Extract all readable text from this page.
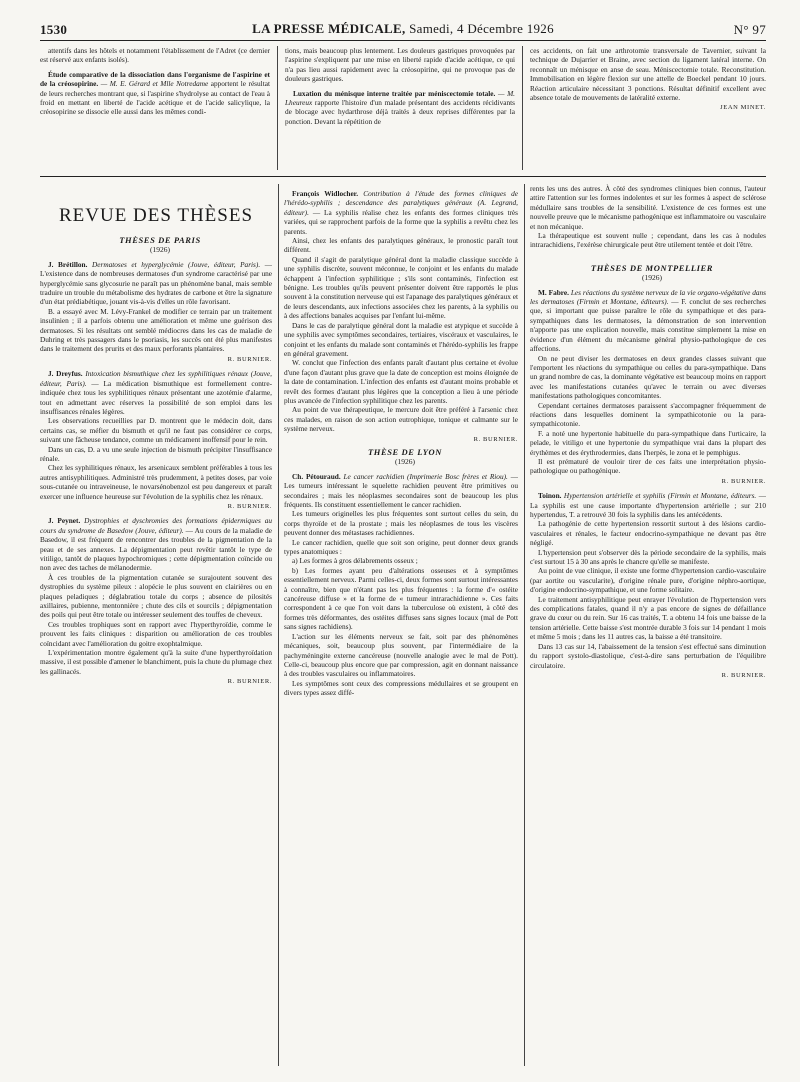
1530	LA PRESSE MÉDICALE, Samedi, 4 Décembre 1926	N° 97

attentifs dans les hôtels et notamment l'établissement de l'Adret (ce dernier est réservé aux enfants isolés).

Étude comparative de la dissociation dans l'organisme de l'aspirine et de la créosopirine. — M. E. Gérard et Mlle Notredame apportent le résultat de leurs recherches montrant que, si l'aspirine s'hydrolyse au contact de l'eau à froid en mettant en liberté de l'acide acétique et de l'acide salicylique, la créosopirine se dissocie elle aussi dans les mêmes condi-

tions, mais beaucoup plus lentement. Les douleurs gastriques provoquées par l'aspirine s'expliquent par une mise en liberté rapide d'acide acétique, ce qui n'a pas lieu aussi rapidement avec la créosopirine, qui ne provoque pas de douleurs gastriques.

Luxation du ménisque interne traitée par méniscectomie totale. — M. Lheureux rapporte l'histoire d'un malade présentant des accidents récidivants de blocage avec hydarthrose déjà traités à deux reprises différentes par la ponction. Devant la répétition de

ces accidents, on fait une arthrotomie transversale de Tavernier, suivant la technique de Dujarrier et Braine, avec section du ligament latéral interne. On reconnaît un ménisque en anse de seau. Méniscectomie totale. Reconstitution. Immobilisation en légère flexion sur une attelle de Boeckel pendant 10 jours. Réaction articulaire nécessitant 3 ponctions. Résultat définitif excellent avec absence totale de mouvements de latéralité externe.

JEAN MINET.

REVUE DES THÈSES

THÈSES DE PARIS

(1926)

J. Brétillon. Dermatoses et hyperglycémie (Jouve, éditeur, Paris). — L'existence dans de nombreuses dermatoses d'un syndrome caractérisé par une hyperglycémie sans glycosurie ne paraît pas un phénomène banal, mais semble traduire un trouble du métabolisme des hydrates de carbone et être la signature d'un état prédiabétique, jouant vis-à-vis d'elles un rôle favorisant.

B. a essayé avec M. Lévy-Frankel de modifier ce terrain par un traitement insulinien ; il a parfois obtenu une amélioration et même une guérison des dermatoses. Si les résultats ont semblé médiocres dans les cas de maladie de Duhring et très passagers dans le psoriasis, les succès ont été plus manifestes dans le traitement des prurits et des maux perforants plantaires.

R. BURNIER.

J. Dreyfus. Intoxication bismuthique chez les syphilitiques rénaux (Jouve, éditeur, Paris). — La médication bismuthique est formellement contre-indiquée chez tous les syphilitiques rénaux présentant une azotémie d'alarme, tout en admettant avec réserves la possibilité de son emploi dans les insuffisances rénales légères.

Les observations recueillies par D. montrent que le médecin doit, dans certains cas, se méfier du bismuth et qu'il ne faut pas considérer ce corps, suivant une fâcheuse tendance, comme un médicament inoffensif pour le rein.

Dans un cas, D. a vu une seule injection de bismuth précipiter l'insuffisance rénale.

Chez les syphilitiques rénaux, les arsenicaux semblent préférables à tous les autres antisyphilitiques. Administré très prudemment, à petites doses, par voie sous-cutanée ou intraveineuse, le novarsénobenzol est peu dangereux et paraît exercer une influence heureuse sur l'évolution de la syphilis chez les rénaux.

R. BURNIER.

J. Peynet. Dystrophies et dyschromies des formations épidermiques au cours du syndrome de Basedow (Jouve, éditeur). — Au cours de la maladie de Basedow, il est fréquent de rencontrer des troubles de la pigmentation de la peau et de ses annexes. La dépigmentation peut revêtir tantôt le type de vitiligo, tantôt de plaques hypochromiques ; cette dépigmentation coïncide ou non avec des taches de mélanodermie.

À ces troubles de la pigmentation cutanée se surajoutent souvent des dystrophies du système pileux : alopécie le plus souvent en clairières ou en plaques peladiques ; déglabratiou totale du corps ; absence de pilosités axillaires, pubienne, mentonnière ; chute des cils et sourcils ; dépigmentation des poils qui peut être totale ou intéresser seulement des touffes de cheveux.

Ces troubles trophiques sont en rapport avec l'hyperthyroïdie, comme le prouvent les faits cliniques : disparition ou amélioration de ces troubles coïncidant avec l'amélioration du goitre exophtalmique.

L'expérimentation montre également qu'à la suite d'une hyperthyroïdation massive, il est possible d'amener le blanchiment, puis la chute du plumage chez les gallinacés.

R. BURNIER.

François Widlocher. Contribution à l'étude des formes cliniques de l'hérédo-syphilis ; descendance des paralytiques généraux (A. Legrand, éditeur). — La syphilis réalise chez les enfants des formes cliniques très variées, qui se rapprochent parfois de la forme que la syphilis a revêtu chez les parents.

Ainsi, chez les enfants des paralytiques généraux, le pronostic paraît tout différent.

Quand il s'agit de paralytique général dont la maladie classique succède à une syphilis discrète, souvent méconnue, le conjoint et les enfants du malade échappent à l'infection syphilitique ; s'ils sont contaminés, l'infection est bénigne. Les troubles qu'ils peuvent présenter doivent être rapportés le plus souvent à la constitution nerveuse qui est l'apanage des paralytiques généraux et de leurs descendants, aux infections associées chez les parents, à la syphilis ou à des affections banales acquises par l'enfant lui-même.

Dans le cas de paralytique général dont la maladie est atypique et succède à une syphilis avec symptômes secondaires, tertiaires, viscéraux et vasculaires, le conjoint et les enfants du malade sont contaminés et l'hérédo-syphilis les frappe en général gravement.

W. conclut que l'infection des enfants paraît d'autant plus certaine et évolue d'une façon d'autant plus grave que la date de conception est moins éloignée de la date de contamination. L'infection des enfants est d'autant moins probable et revêt des formes d'autant plus légères que la conception a lieu à une période plus avancée de l'infection syphilitique chez les parents.

Au point de vue thérapeutique, le mercure doit être préféré à l'arsenic chez ces malades, en raison de son action eutrophique, tonique et calmante sur le système nerveux.

R. BURNIER.

THÈSE DE LYON

(1926)

Ch. Pétouraud. Le cancer rachidien (Imprimerie Bosc frères et Riou). — Les tumeurs intéressant le squelette rachidien peuvent être primitives ou secondaires ; mais les néoplasmes secondaires sont de beaucoup les plus fréquents. Ils constituent essentiellement le cancer rachidien.

Les tumeurs originelles les plus fréquentes sont surtout celles du sein, du corps thyroïde et de la prostate ; mais les néoplasmes de tous les viscères peuvent donner des métastases rachidiennes.

Le cancer rachidien, quelle que soit son origine, peut donner deux grands types anatomiques :

a) Les formes à gros délabrements osseux ;

b) Les formes ayant peu d'altérations osseuses et à symptômes essentiellement nerveux. Parmi celles-ci, deux formes sont surtout intéressantes à connaître, bien que n'étant pas les plus fréquentes : la forme d'« ostéite cancéreuse diffuse » et la forme de « tumeur intrarachidienne ». Ces faits correspondent à ce que l'on voit dans la tuberculose où existent, à côté des formes très déformantes, des ostéites diffuses sans signes locaux (mal de Pott sans signes rachidiens).

L'action sur les éléments nerveux se fait, soit par des phénomènes mécaniques, soit, beaucoup plus souvent, par l'intermédiaire de la pachyméningite externe cancéreuse (nouvelle analogie avec le mal de Pott). Celle-ci, beaucoup plus encore que par compression, agit en donnant naissance à des troubles vasculaires ou inflammatoires.

Les symptômes sont ceux des compressions médullaires et se groupent en divers types assez diffé-

rents les uns des autres. À côté des syndromes cliniques bien connus, l'auteur attire l'attention sur les formes indolentes et sur les formes à aspect de sclérose médullaire sans troubles de la sensibilité. L'existence de ces formes est une nouvelle preuve que le mécanisme pathogénique est inflammatoire ou vasculaire et non mécanique.

La thérapeutique est souvent nulle ; cependant, dans les cas à nodules intrarachidiens, l'exérèse chirurgicale peut être utilement tentée et doit l'être.

THÈSES DE MONTPELLIER

(1926)

M. Fabre. Les réactions du système nerveux de la vie organo-végétative dans les dermatoses (Firmin et Montane, éditeurs). — F. conclut de ses recherches que, si important que puisse paraître le rôle du sympathique et des para-sympathiques dans les dermatoses, la démonstration de son intervention n'apporte pas une explication nouvelle, mais constitue simplement la mise en évidence d'un élément du mécanisme général physio-pathologique de ces affections.

On ne peut diviser les dermatoses en deux grandes classes suivant que l'emportent les réactions du sympathique ou celles du para-sympathique. Dans un grand nombre de cas, la dominante végétative est beaucoup moins en rapport avec les manifestations cutanées qu'avec le terrain ou avec diverses manifestations pathologiques concomitantes.

Cependant certaines dermatoses paraissent s'accompagner fréquemment de réactions dans lesquelles dominent la sympathicotonie ou la para-sympathicotonie.

F. a noté une hypertonie habituelle du para-sympathique dans l'urticaire, la pelade, le vitiligo et une hypertonie du sympathique vrai dans la plupart des érythèmes et des érythrodermies, dans l'herpès, le zona et le pemphigus.

Il est prématuré de vouloir tirer de ces faits une interprétation physio-pathologique ou pathogénique.

R. BURNIER.

Toinon. Hypertension artérielle et syphilis (Firmin et Montane, éditeurs. — La syphilis est une cause importante d'hypertension artérielle ; sur 210 hypertendus, T. a retrouvé 30 fois la syphilis dans les antécédents.

La pathogénie de cette hypertension ressortit surtout à des lésions cardio-vasculaires et rénales, le facteur endocrino-sympathique ne devant pas être négligé.

L'hypertension peut s'observer dès la période secondaire de la syphilis, mais c'est surtout 15 à 30 ans après le chancre qu'elle se manifeste.

Au point de vue clinique, il existe une forme d'hypertension cardio-vasculaire (par aortite ou vascularite), d'origine rénale pure, d'origine néphro-aortique, d'origine endocrino-sympathique, et une forme solitaire.

Le traitement antisyphilitique peut enrayer l'évolution de l'hypertension vers des complications fatales, quand il n'y a pas encore de signes de défaillance grave du cœur ou du rein. Sur 16 cas traités, T. a obtenu 14 fois une baisse de la tension artérielle. Cette baisse s'est montrée durable 3 fois sur 14 pendant 1 mois et même 5 mois ; dans les 11 autres cas, la baisse a été transitoire.

Dans 13 cas sur 14, l'abaissement de la tension s'est effectué sans diminution du rapport systolo-diastolique, c'est-à-dire sans perturbation de l'équilibre circulatoire.

R. BURNIER.
